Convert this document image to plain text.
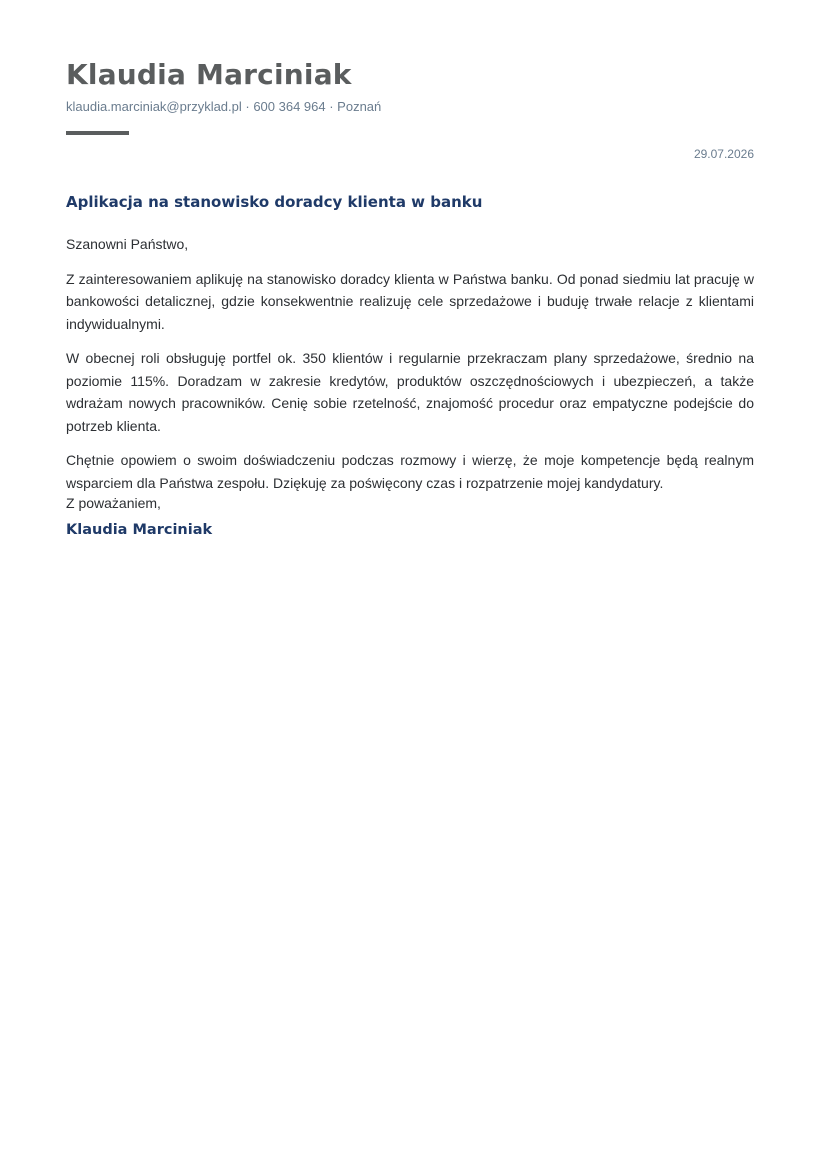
Klaudia Marciniak
klaudia.marciniak@przyklad.pl · 600 364 964 · Poznań
29.07.2026
Aplikacja na stanowisko doradcy klienta w banku

Szanowni Państwo,

Z zainteresowaniem aplikuję na stanowisko doradcy klienta w Państwa banku. Od ponad siedmiu lat pracuję w bankowości detalicznej, gdzie konsekwentnie realizuję cele sprzedażowe i buduję trwałe relacje z klientami indywidualnymi.

W obecnej roli obsługuję portfel ok. 350 klientów i regularnie przekraczam plany sprzedażowe, średnio na poziomie 115%. Doradzam w zakresie kredytów, produktów oszczędnościowych i ubezpieczeń, a także wdrażam nowych pracowników. Cenię sobie rzetelność, znajomość procedur oraz empatyczne podejście do potrzeb klienta.

Chętnie opowiem o swoim doświadczeniu podczas rozmowy i wierzę, że moje kompetencje będą realnym wsparciem dla Państwa zespołu. Dziękuję za poświęcony czas i rozpatrzenie mojej kandydatury.

Z poważaniem,
Klaudia Marciniak
